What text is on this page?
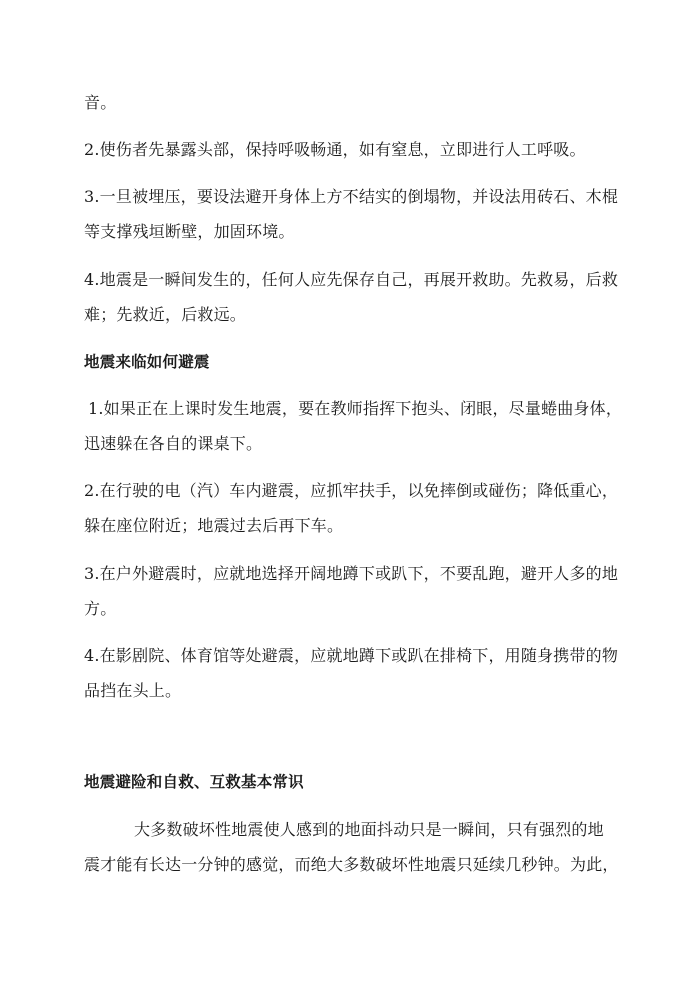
音。
2.使伤者先暴露头部，保持呼吸畅通，如有窒息，立即进行人工呼吸。
3.一旦被埋压，要设法避开身体上方不结实的倒塌物，并设法用砖石、木棍
等支撑残垣断壁，加固环境。
4.地震是一瞬间发生的，任何人应先保存自己，再展开救助。先救易，后救
难；先救近，后救远。
地震来临如何避震
1.如果正在上课时发生地震，要在教师指挥下抱头、闭眼，尽量蜷曲身体，
迅速躲在各自的课桌下。
2.在行驶的电（汽）车内避震，应抓牢扶手，以免摔倒或碰伤；降低重心，
躲在座位附近；地震过去后再下车。
3.在户外避震时，应就地选择开阔地蹲下或趴下，不要乱跑，避开人多的地
方。
4.在影剧院、体育馆等处避震，应就地蹲下或趴在排椅下，用随身携带的物
品挡在头上。
地震避险和自救、互救基本常识
大多数破坏性地震使人感到的地面抖动只是一瞬间，只有强烈的地
震才能有长达一分钟的感觉，而绝大多数破坏性地震只延续几秒钟。为此，
